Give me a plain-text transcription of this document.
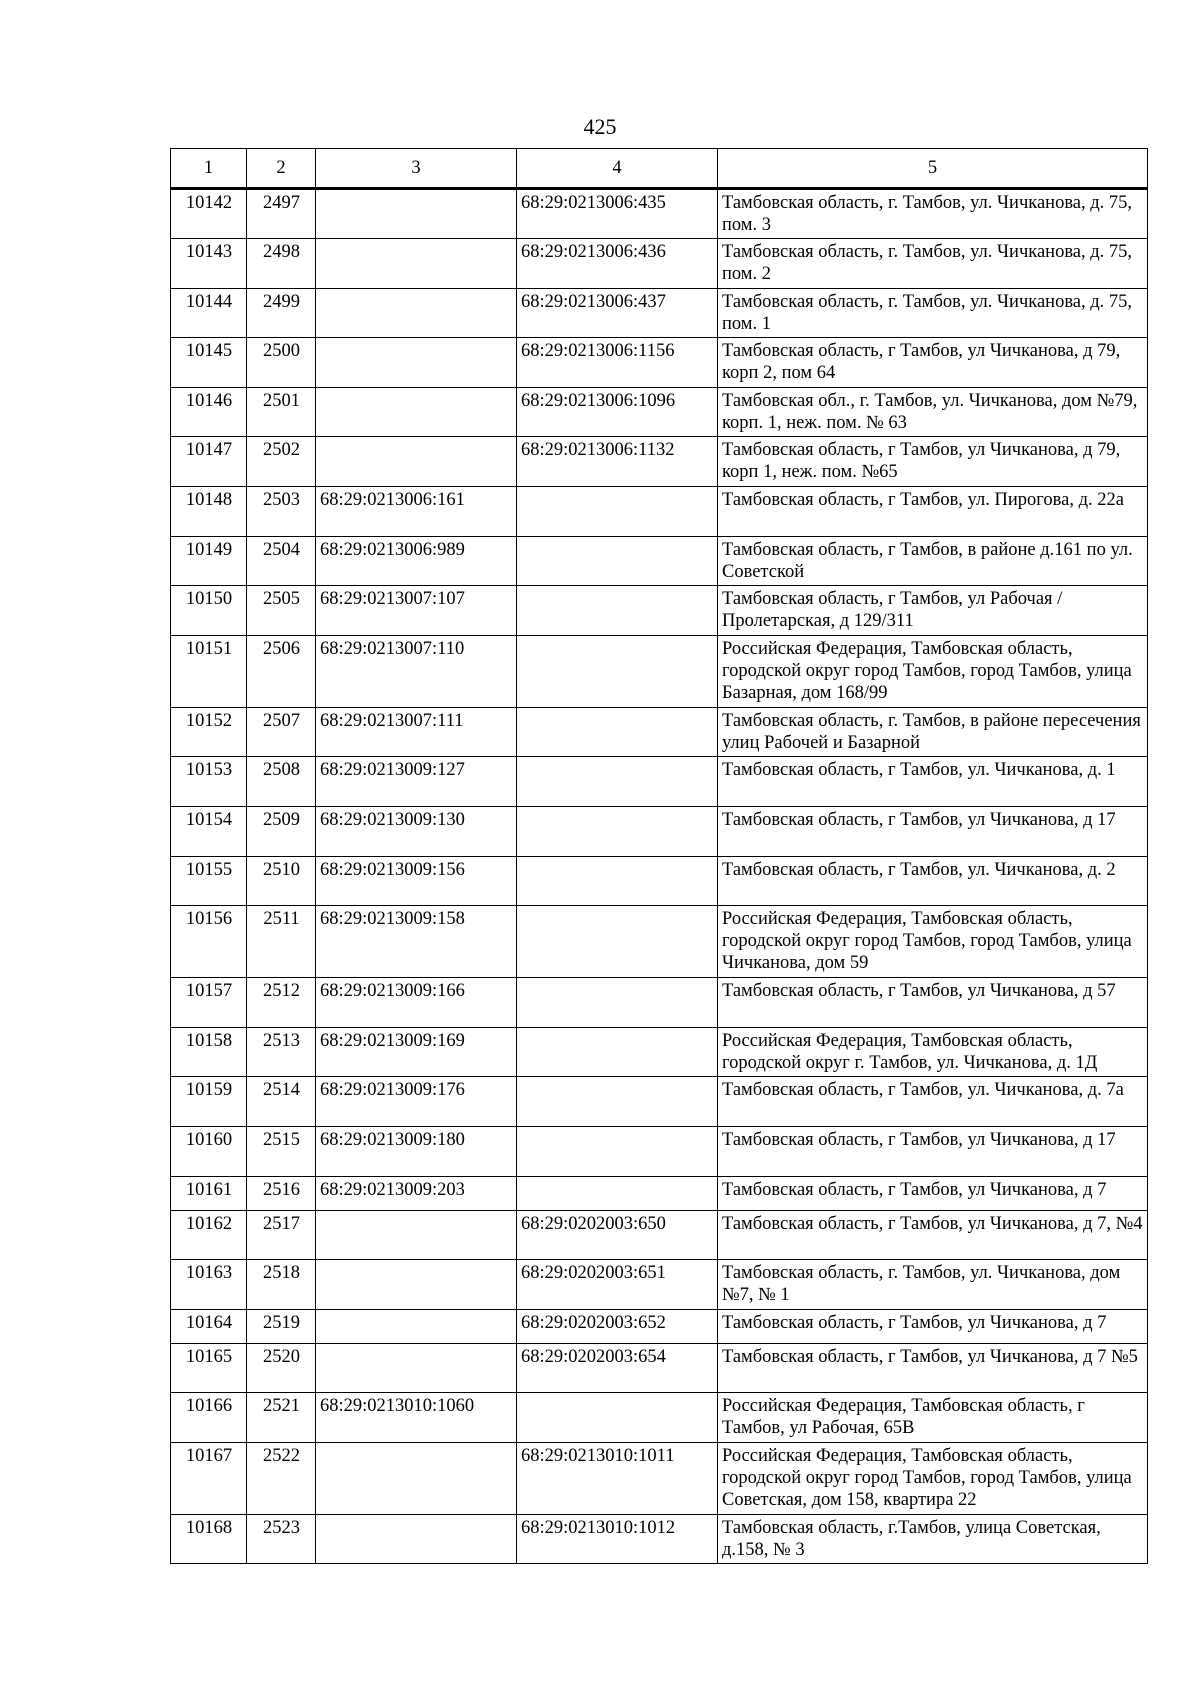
425
1	2	3	4	5
10142	2497		68:29:0213006:435	Тамбовская область, г. Тамбов, ул. Чичканова, д. 75, пом. 3
10143	2498		68:29:0213006:436	Тамбовская область, г. Тамбов, ул. Чичканова, д. 75, пом. 2
10144	2499		68:29:0213006:437	Тамбовская область, г. Тамбов, ул. Чичканова, д. 75, пом. 1
10145	2500		68:29:0213006:1156	Тамбовская область, г Тамбов, ул Чичканова, д 79, корп 2, пом 64
10146	2501		68:29:0213006:1096	Тамбовская обл., г. Тамбов, ул. Чичканова, дом №79, корп. 1, неж. пом. № 63
10147	2502		68:29:0213006:1132	Тамбовская область, г Тамбов, ул Чичканова, д 79, корп 1, неж. пом. №65
10148	2503	68:29:0213006:161		Тамбовская область, г Тамбов, ул. Пирогова, д. 22а
10149	2504	68:29:0213006:989		Тамбовская область, г Тамбов, в районе д.161 по ул. Советской
10150	2505	68:29:0213007:107		Тамбовская область, г Тамбов, ул Рабочая /Пролетарская, д 129/311
10151	2506	68:29:0213007:110		Российская Федерация, Тамбовская область, городской округ город Тамбов, город Тамбов, улица Базарная, дом 168/99
10152	2507	68:29:0213007:111		Тамбовская область, г. Тамбов, в районе пересечения улиц Рабочей и Базарной
10153	2508	68:29:0213009:127		Тамбовская область, г Тамбов, ул. Чичканова, д. 1
10154	2509	68:29:0213009:130		Тамбовская область, г Тамбов, ул Чичканова, д 17
10155	2510	68:29:0213009:156		Тамбовская область, г Тамбов, ул. Чичканова, д. 2
10156	2511	68:29:0213009:158		Российская Федерация, Тамбовская область, городской округ город Тамбов, город Тамбов, улица Чичканова, дом 59
10157	2512	68:29:0213009:166		Тамбовская область, г Тамбов, ул Чичканова, д 57
10158	2513	68:29:0213009:169		Российская Федерация, Тамбовская область, городской округ г. Тамбов, ул. Чичканова, д. 1Д
10159	2514	68:29:0213009:176		Тамбовская область, г Тамбов, ул. Чичканова, д. 7а
10160	2515	68:29:0213009:180		Тамбовская область, г Тамбов, ул Чичканова, д 17
10161	2516	68:29:0213009:203		Тамбовская область, г Тамбов, ул Чичканова, д 7
10162	2517		68:29:0202003:650	Тамбовская область, г Тамбов, ул Чичканова, д 7, №4
10163	2518		68:29:0202003:651	Тамбовская область, г. Тамбов, ул. Чичканова, дом №7, № 1
10164	2519		68:29:0202003:652	Тамбовская область, г Тамбов, ул Чичканова, д 7
10165	2520		68:29:0202003:654	Тамбовская область, г Тамбов, ул Чичканова, д 7 №5
10166	2521	68:29:0213010:1060		Российская Федерация, Тамбовская область, г Тамбов, ул Рабочая, 65В
10167	2522		68:29:0213010:1011	Российская Федерация, Тамбовская область, городской округ город Тамбов, город Тамбов, улица Советская, дом 158, квартира 22
10168	2523		68:29:0213010:1012	Тамбовская область, г.Тамбов, улица Советская, д.158, № 3
